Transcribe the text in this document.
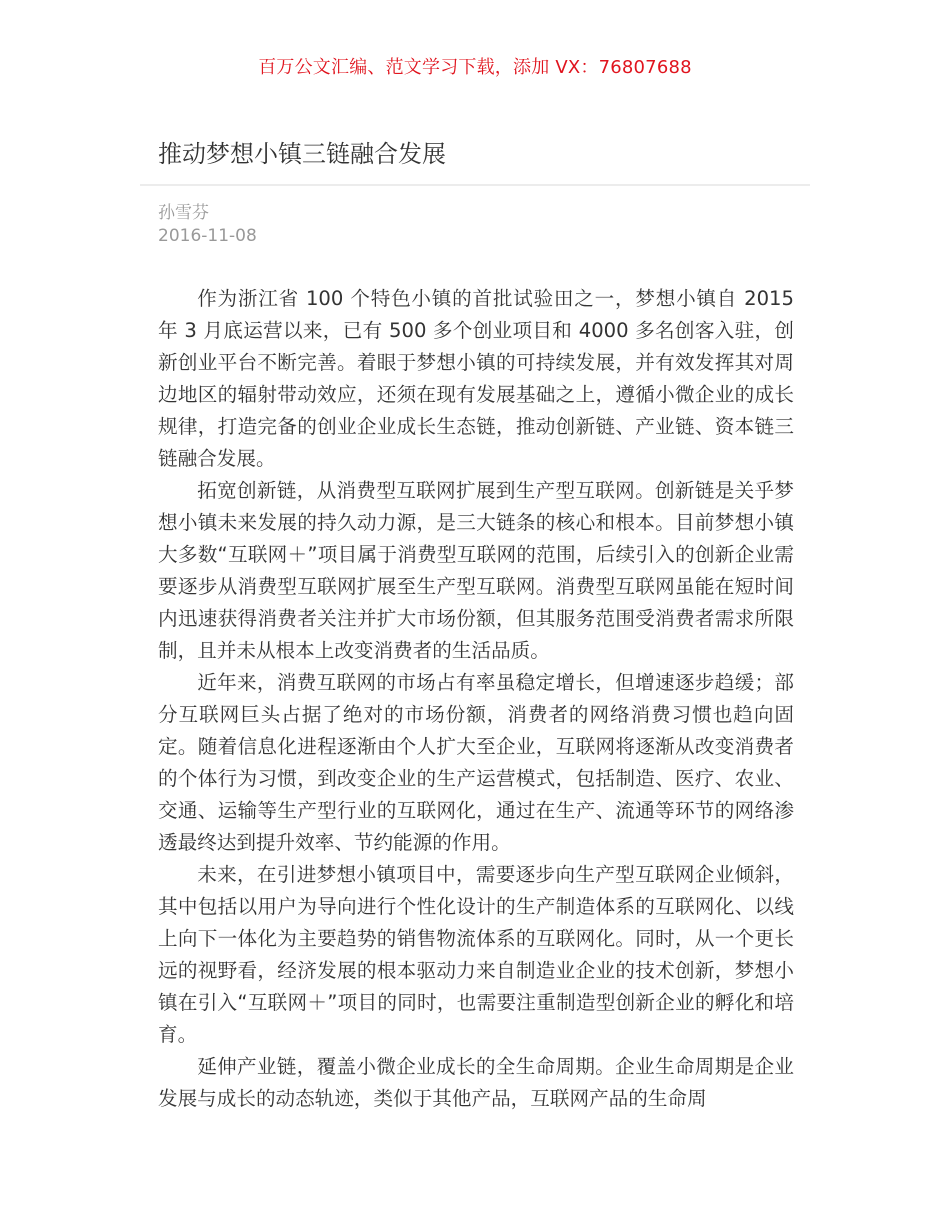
百万公文汇编、范文学习下载，添加 VX：76807688
推动梦想小镇三链融合发展
孙雪芬
2016-11-08

作为浙江省 100 个特色小镇的首批试验田之一，梦想小镇自 2015 年 3 月底运营以来，已有 500 多个创业项目和 4000 多名创客入驻，创新创业平台不断完善。着眼于梦想小镇的可持续发展，并有效发挥其对周边地区的辐射带动效应，还须在现有发展基础之上，遵循小微企业的成长规律，打造完备的创业企业成长生态链，推动创新链、产业链、资本链三链融合发展。

拓宽创新链，从消费型互联网扩展到生产型互联网。创新链是关乎梦想小镇未来发展的持久动力源，是三大链条的核心和根本。目前梦想小镇大多数“互联网＋”项目属于消费型互联网的范围，后续引入的创新企业需要逐步从消费型互联网扩展至生产型互联网。消费型互联网虽能在短时间内迅速获得消费者关注并扩大市场份额，但其服务范围受消费者需求所限制，且并未从根本上改变消费者的生活品质。

近年来，消费互联网的市场占有率虽稳定增长，但增速逐步趋缓；部分互联网巨头占据了绝对的市场份额，消费者的网络消费习惯也趋向固定。随着信息化进程逐渐由个人扩大至企业，互联网将逐渐从改变消费者的个体行为习惯，到改变企业的生产运营模式，包括制造、医疗、农业、交通、运输等生产型行业的互联网化，通过在生产、流通等环节的网络渗透最终达到提升效率、节约能源的作用。

未来，在引进梦想小镇项目中，需要逐步向生产型互联网企业倾斜，其中包括以用户为导向进行个性化设计的生产制造体系的互联网化、以线上向下一体化为主要趋势的销售物流体系的互联网化。同时，从一个更长远的视野看，经济发展的根本驱动力来自制造业企业的技术创新，梦想小镇在引入“互联网＋”项目的同时，也需要注重制造型创新企业的孵化和培育。

延伸产业链，覆盖小微企业成长的全生命周期。企业生命周期是企业发展与成长的动态轨迹，类似于其他产品，互联网产品的生命周
